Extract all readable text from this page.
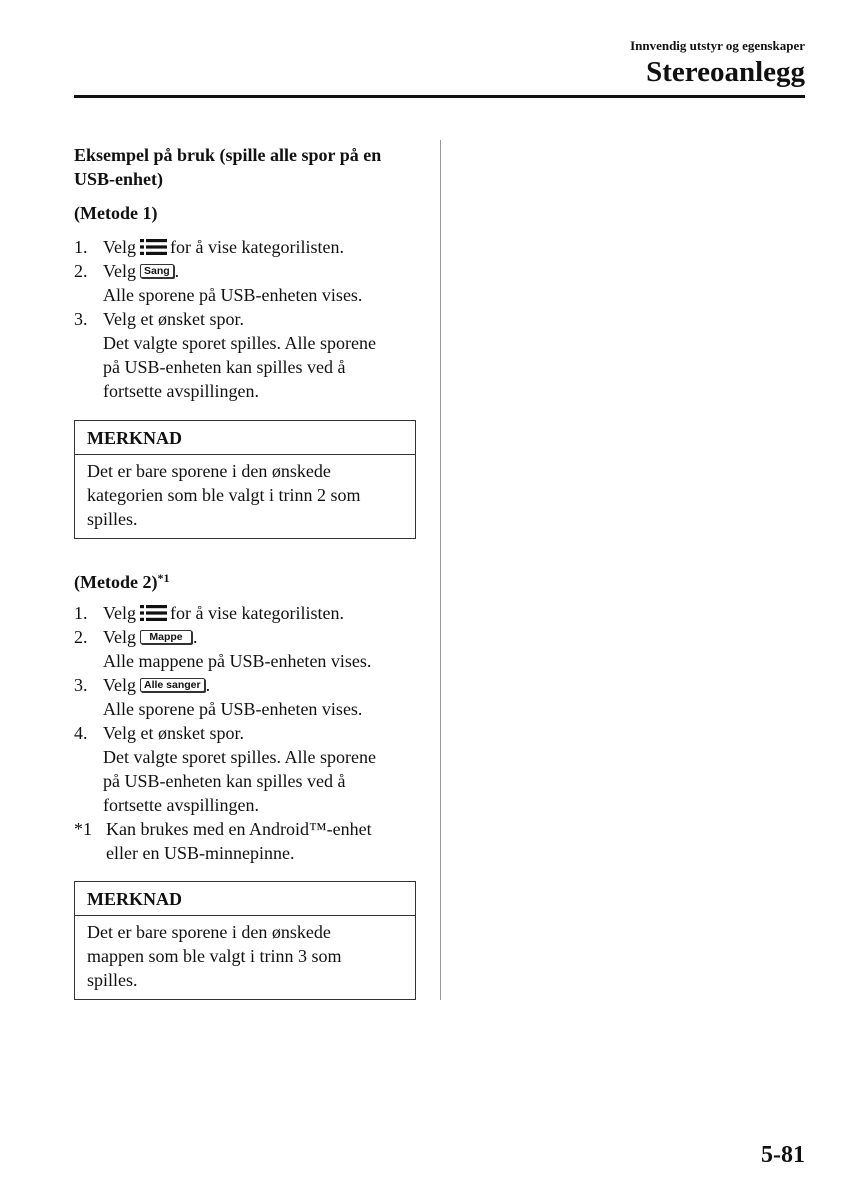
Innvendig utstyr og egenskaper
Stereoanlegg
Eksempel på bruk (spille alle spor på en
USB-enhet)
(Metode 1)
1. Velg for å vise kategorilisten.
2. Velg Sang .
Alle sporene på USB-enheten vises.
3. Velg et ønsket spor.
Det valgte sporet spilles. Alle sporene
på USB-enheten kan spilles ved å
fortsette avspillingen.
MERKNAD
Det er bare sporene i den ønskede
kategorien som ble valgt i trinn 2 som
spilles.
(Metode 2)$^{*1}$
1. Velg for å vise kategorilisten.
2. Velg Mappe .
Alle mappene på USB-enheten vises.
3. Velg Alle sanger .
Alle sporene på USB-enheten vises.
4. Velg et ønsket spor.
Det valgte sporet spilles. Alle sporene
på USB-enheten kan spilles ved å
fortsette avspillingen.
*1 Kan brukes med en Android™-enhet
eller en USB-minnepinne.
MERKNAD
Det er bare sporene i den ønskede
mappen som ble valgt i trinn 3 som
spilles.
5-81
